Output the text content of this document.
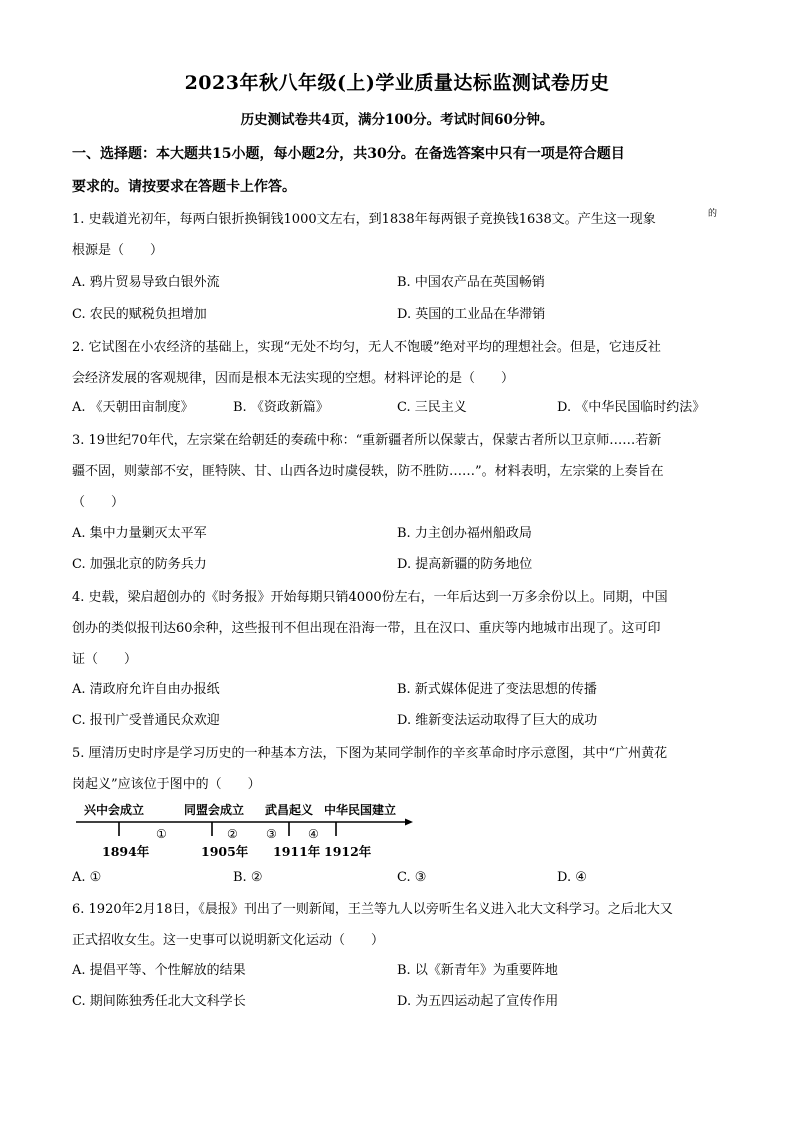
2023年秋八年级(上)学业质量达标监测试卷历史
历史测试卷共4页，满分100分。考试时间60分钟。
一、选择题：本大题共15小题，每小题2分，共30分。在备选答案中只有一项是符合题目
要求的。请按要求在答题卡上作答。
1. 史载道光初年，每两白银折换铜钱1000文左右，到1838年每两银子竟换钱1638文。产生这一现象
根源是（　　）
的
A. 鸦片贸易导致白银外流	B. 中国农产品在英国畅销
C. 农民的赋税负担增加	D. 英国的工业品在华滞销
2. 它试图在小农经济的基础上，实现“无处不均匀，无人不饱暖”绝对平均的理想社会。但是，它违反社
会经济发展的客观规律，因而是根本无法实现的空想。材料评论的是（　　）
A. 《天朝田亩制度》	B. 《资政新篇》	C. 三民主义	D. 《中华民国临时约法》
3. 19世纪70年代，左宗棠在给朝廷的奏疏中称：“重新疆者所以保蒙古，保蒙古者所以卫京师……若新
疆不固，则蒙部不安，匪特陕、甘、山西各边时虞侵轶，防不胜防……”。材料表明，左宗棠的上奏旨在
（　　）
A. 集中力量剿灭太平军	B. 力主创办福州船政局
C. 加强北京的防务兵力	D. 提高新疆的防务地位
4. 史载，梁启超创办的《时务报》开始每期只销4000份左右，一年后达到一万多余份以上。同期，中国
创办的类似报刊达60余种，这些报刊不但出现在沿海一带，且在汉口、重庆等内地城市出现了。这可印
证（　　）
A. 清政府允许自由办报纸	B. 新式媒体促进了变法思想的传播
C. 报刊广受普通民众欢迎	D. 维新变法运动取得了巨大的成功
5. 厘清历史时序是学习历史的一种基本方法，下图为某同学制作的辛亥革命时序示意图，其中“广州黄花
岗起义”应该位于图中的（　　）
兴中会成立	同盟会成立 武昌起义 中华民国建立
①	② ③	④
1894年	1905年 1911年 1912年
A. ①	B. ②	C. ③	D. ④
6. 1920年2月18日，《晨报》刊出了一则新闻，王兰等九人以旁听生名义进入北大文科学习。之后北大又
正式招收女生。这一史事可以说明新文化运动（　　）
A. 提倡平等、个性解放的结果	B. 以《新青年》为重要阵地
C. 期间陈独秀任北大文科学长	D. 为五四运动起了宣传作用
